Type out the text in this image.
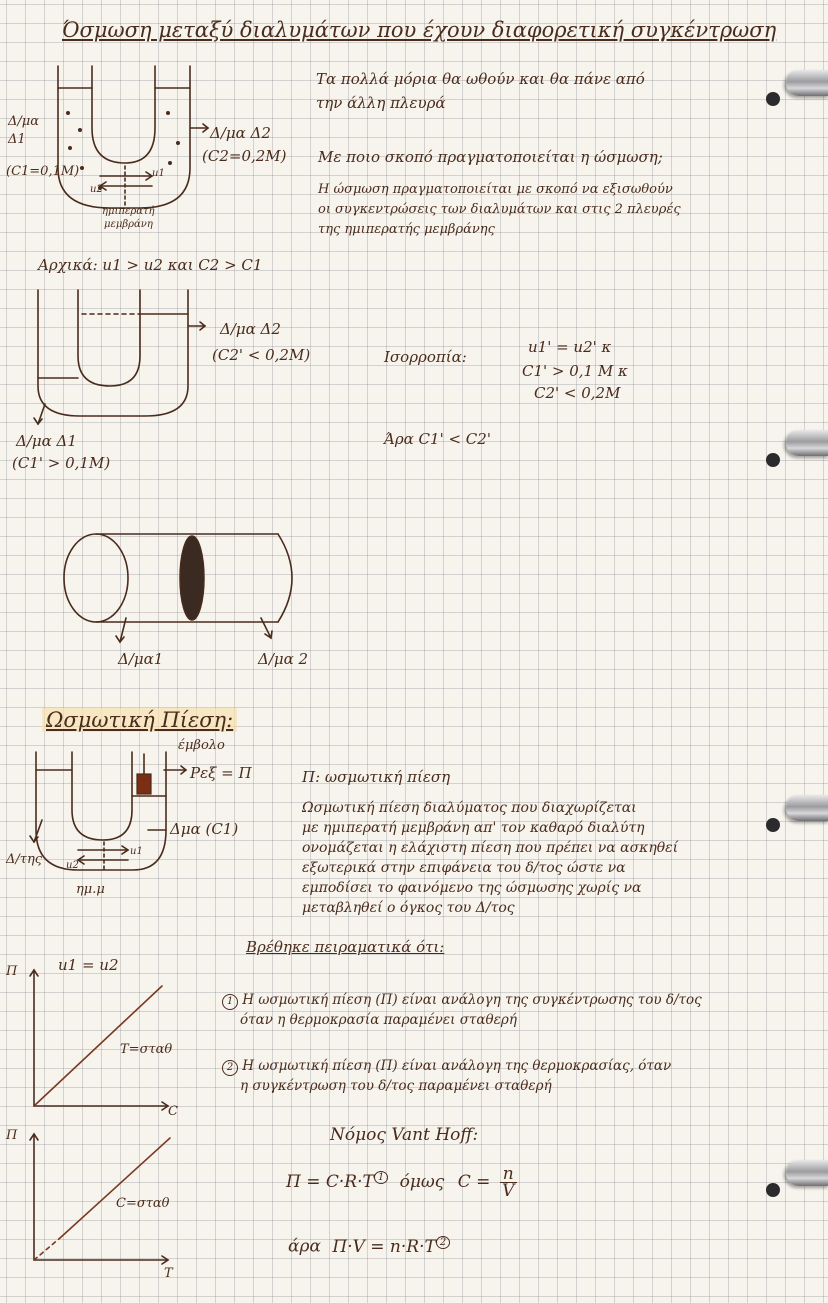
Όσμωση μεταξύ διαλυμάτων που έχουν διαφορετική συγκέντρωση
Δ/μα
Δ1
(C1=0,1M)
Δ/μα Δ2
(C2=0,2M)
u1
u2
ημιπερατή
μεμβράνη
Τα πολλά μόρια θα ωθούν και θα πάνε από
την άλλη πλευρά
Με ποιο σκοπό πραγματοποιείται η ώσμωση;
Η ώσμωση πραγματοποιείται με σκοπό να εξισωθούν
οι συγκεντρώσεις των διαλυμάτων και στις 2 πλευρές
της ημιπερατής μεμβράνης
Αρχικά: u1 > u2 και C2 > C1
Δ/μα Δ2
(C2' < 0,2M)
Δ/μα Δ1
(C1' > 0,1M)
Ισορροπία:
u1' = u2' κ
C1' > 0,1 M κ
C2' < 0,2M
Άρα C1' < C2'
Δ/μα1	Δ/μα 2
Ωσμωτική Πίεση:
έμβολο
Pεξ = Π
Δμα (C1)
Δ/της
u1
u2
ημ.μ
Π: ωσμωτική πίεση
Ωσμωτική πίεση διαλύματος που διαχωρίζεται
με ημιπερατή μεμβράνη απ' τον καθαρό διαλύτη
ονομάζεται η ελάχιστη πίεση που πρέπει να ασκηθεί
εξωτερικά στην επιφάνεια του δ/τος ώστε να
εμποδίσει το φαινόμενο της ώσμωσης χωρίς να
μεταβληθεί ο όγκος του Δ/τος
Βρέθηκε πειραματικά ότι:
1 Η ωσμωτική πίεση (Π) είναι ανάλογη της συγκέντρωσης του δ/τος
όταν η θερμοκρασία παραμένει σταθερή
2 Η ωσμωτική πίεση (Π) είναι ανάλογη της θερμοκρασίας, όταν
η συγκέντρωση του δ/τος παραμένει σταθερή
u1 = u2
Π
C
T=σταθ
Π
T
C=σταθ
Νόμος Vant Hoff:
Π = C·R·T $^1$ όμως $C = \frac{n}{V}$
άρα Π·V = n·R·T $^2$
